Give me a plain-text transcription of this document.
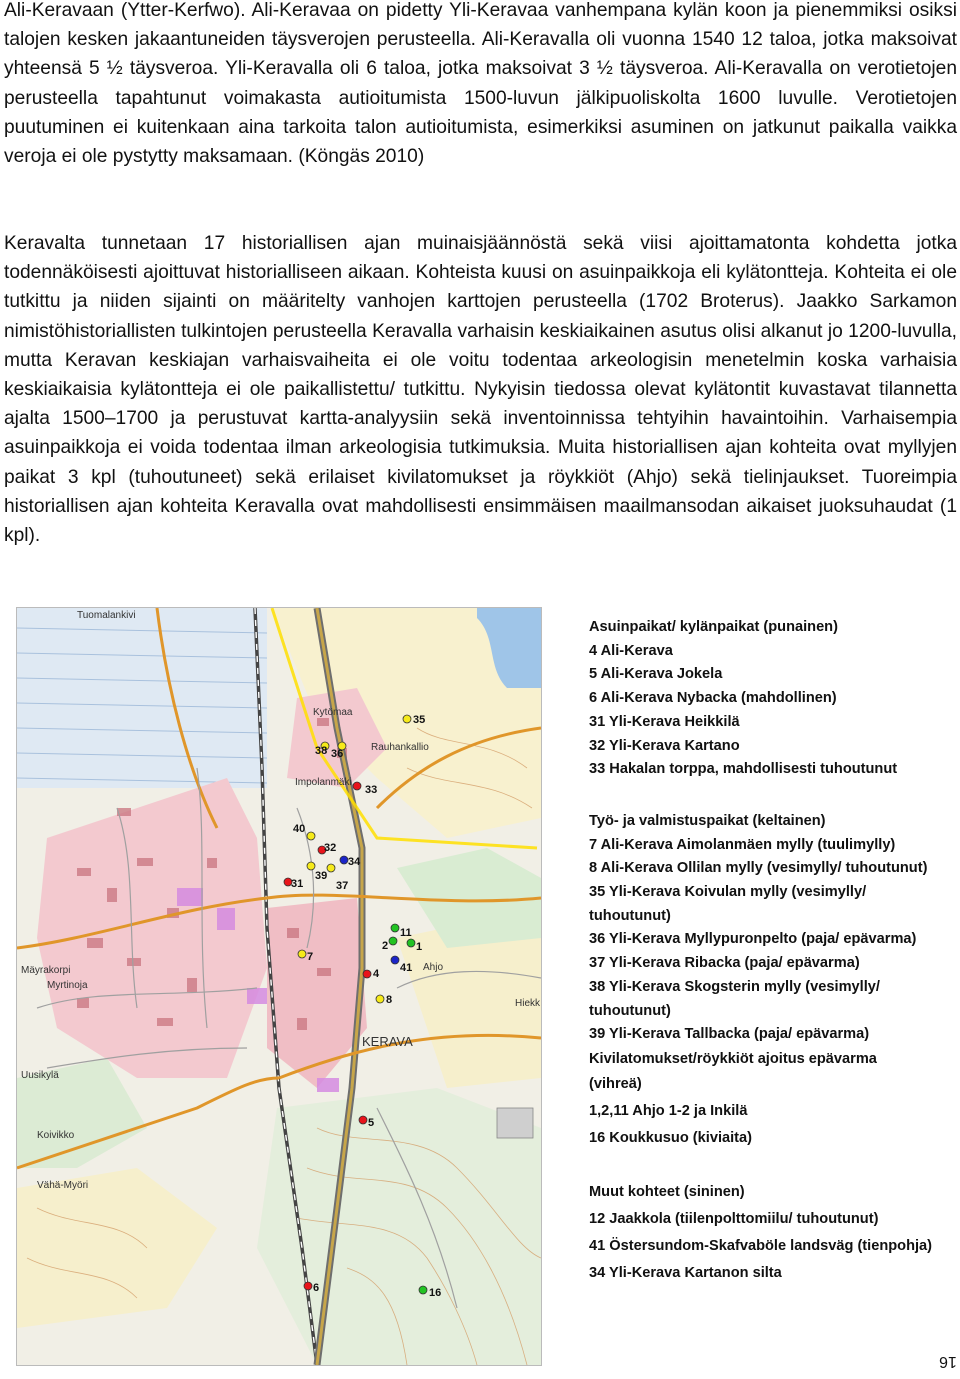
Ali-Keravaan (Ytter-Kerfwo). Ali-Keravaa on pidetty Yli-Keravaa vanhempana kylän koon ja pienemmiksi osiksi talojen kesken jakaantuneiden täysverojen perusteella. Ali-Keravalla oli vuonna 1540 12 taloa, jotka maksoivat yhteensä 5 ½ täysveroa. Yli-Keravalla oli 6 taloa, jotka maksoivat 3 ½ täysveroa. Ali-Keravalla on verotietojen perusteella tapahtunut voimakasta autioitumista 1500-luvun jälkipuoliskolta 1600 luvulle. Verotietojen puutuminen ei kuitenkaan aina tarkoita talon autioitumista, esimerkiksi asuminen on jatkunut paikalla vaikka veroja ei ole pystytty maksamaan. (Köngäs 2010)

Keravalta tunnetaan 17 historiallisen ajan muinaisjäännöstä sekä viisi ajoittamatonta kohdetta jotka todennäköisesti ajoittuvat historialliseen aikaan. Kohteista kuusi on asuinpaikkoja eli kylätontteja. Kohteita ei ole tutkittu ja niiden sijainti on määritelty vanhojen karttojen perusteella (1702 Broterus). Jaakko Sarkamon nimistöhistoriallisten tulkintojen perusteella Keravalla varhaisin keskiaikainen asutus olisi alkanut jo 1200-luvulla, mutta Keravan keskiajan varhaisvaiheita ei ole voitu todentaa arkeologisin menetelmin koska varhaisia keskiaikaisia kylätontteja ei ole paikallistettu/ tutkittu. Nykyisin tiedossa olevat kylätontit kuvastavat tilannetta ajalta 1500–1700 ja perustuvat kartta-analyysiin sekä inventoinnissa tehtyihin havaintoihin. Varhaisempia asuinpaikkoja ei voida todentaa ilman arkeologisia tutkimuksia. Muita historiallisen ajan kohteita ovat myllyjen paikat 3 kpl (tuhoutuneet) sekä erilaiset kivilatomukset ja röykkiöt (Ahjo) sekä tielinjaukset. Tuoreimpia historiallisen ajan kohteita Keravalla ovat mahdollisesti ensimmäisen maailmansodan aikaiset juoksuhaudat (1 kpl).

Tuomalankivi
Kytömaa
Impolanmäki
Mäyrakorpi
Myrtinoja
Uusikylä
Koivikko
Vähä-Myöri
Ahjo
KERAVA
Hiekk
Rauhankallio
35
38 36
33
40
32
34
31
39
37
11
2	1
7
41
4
8
5
6	16
Asuinpaikat/ kylänpaikat (punainen)
4 Ali-Kerava
5 Ali-Kerava Jokela
6 Ali-Kerava Nybacka (mahdollinen)
31 Yli-Kerava Heikkilä
32 Yli-Kerava Kartano
33 Hakalan torppa, mahdollisesti tuhoutunut
Työ- ja valmistuspaikat (keltainen)
7 Ali-Kerava Aimolanmäen mylly (tuulimylly)
8 Ali-Kerava Ollilan mylly (vesimylly/ tuhoutunut)
35 Yli-Kerava Koivulan mylly (vesimylly/ tuhoutunut)
36 Yli-Kerava Myllypuronpelto (paja/ epävarma)
37 Yli-Kerava Ribacka (paja/ epävarma)
38 Yli-Kerava Skogsterin mylly (vesimylly/ tuhoutunut)
39 Yli-Kerava Tallbacka (paja/ epävarma)
Kivilatomukset/röykkiöt ajoitus epävarma (vihreä)
1,2,11 Ahjo 1-2 ja Inkilä
16 Koukkusuo (kiviaita)
Muut kohteet (sininen)
12 Jaakkola (tiilenpolttomiilu/ tuhoutunut)
41 Östersundom-Skafvaböle landsväg (tienpohja)
34 Yli-Kerava Kartanon silta
16
